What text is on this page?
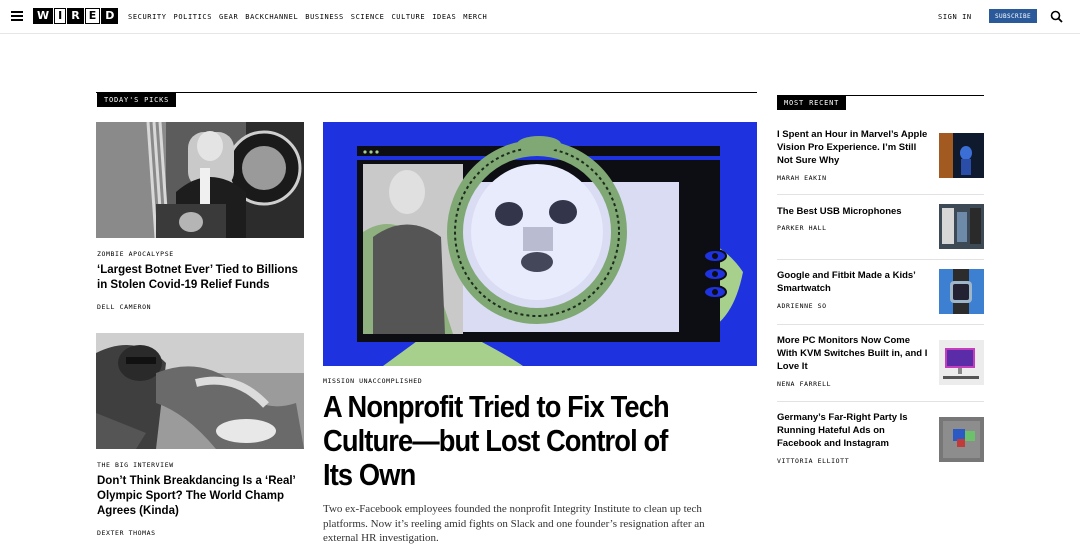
W I R E D	SECURITY POLITICS GEAR BACKCHANNEL BUSINESS SCIENCE CULTURE IDEAS MERCH	SIGN IN	SUBSCRIBE
TODAY'S PICKS
ZOMBIE APOCALYPSE
‘Largest Botnet Ever’ Tied to Billions in Stolen Covid-19 Relief Funds
DELL CAMERON
THE BIG INTERVIEW
Don’t Think Breakdancing Is a ‘Real’ Olympic Sport? The World Champ Agrees (Kinda)
DEXTER THOMAS
MISSION UNACCOMPLISHED
A Nonprofit Tried to Fix Tech Culture—but Lost Control of Its Own

Two ex-Facebook employees founded the nonprofit Integrity Institute to clean up tech platforms. Now it’s reeling amid fights on Slack and one founder’s resignation after an external HR investigation.

MOST RECENT
I Spent an Hour in Marvel’s Apple Vision Pro Experience. I’m Still Not Sure Why
MARAH EAKIN
The Best USB Microphones
PARKER HALL
Google and Fitbit Made a Kids’ Smartwatch
ADRIENNE SO
More PC Monitors Now Come With KVM Switches Built in, and I Love It
NENA FARRELL
Germany’s Far-Right Party Is Running Hateful Ads on Facebook and Instagram
VITTORIA ELLIOTT
